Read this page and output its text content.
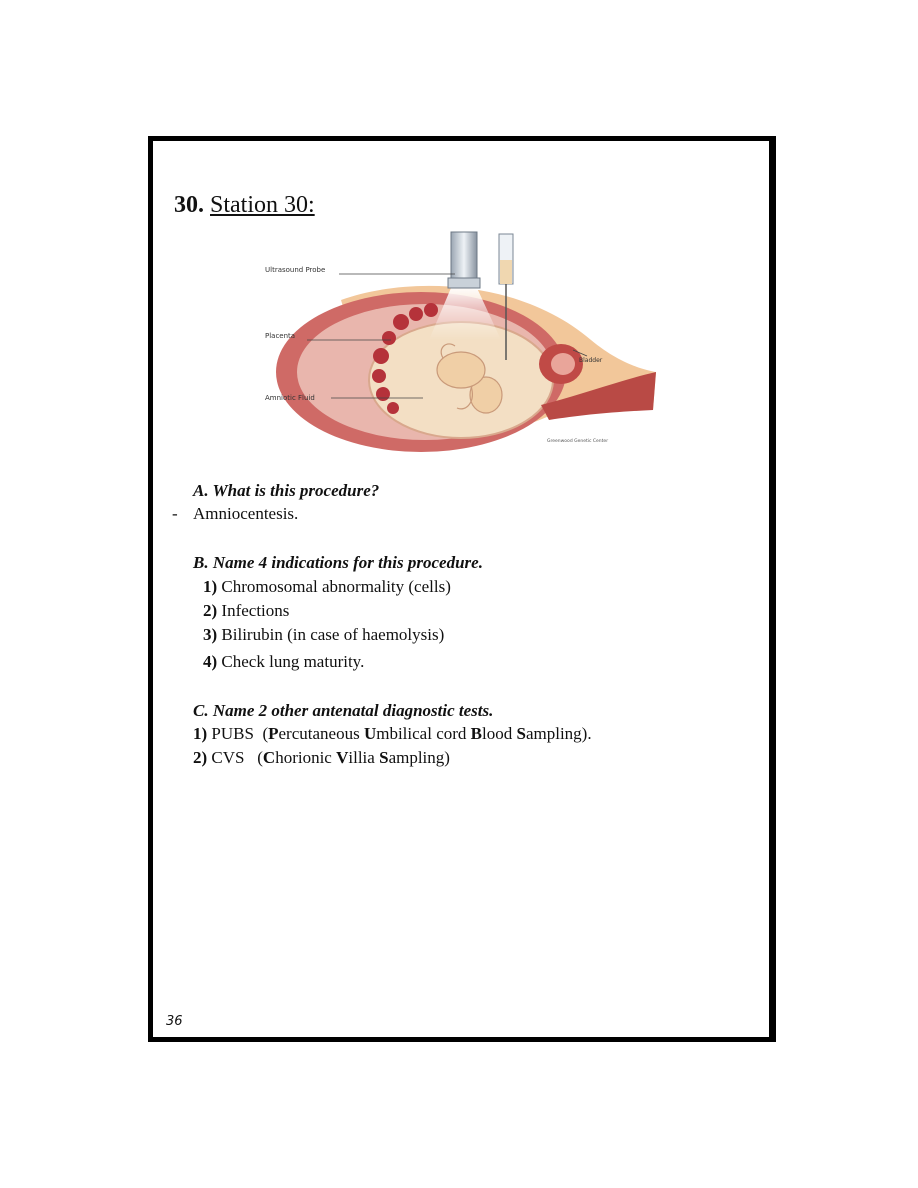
30. Station 30:
Ultrasound Probe
Placenta
Amniotic Fluid
Bladder
Greenwood Genetic Center
A. What is this procedure?
- Amniocentesis.
B. Name 4 indications for this procedure.
1) Chromosomal abnormality (cells)
2) Infections
3) Bilirubin (in case of haemolysis)
4) Check lung maturity.
C. Name 2 other antenatal diagnostic tests.
1) PUBS  (Percutaneous Umbilical cord Blood Sampling).
2) CVS   (Chorionic Villia Sampling)
36
